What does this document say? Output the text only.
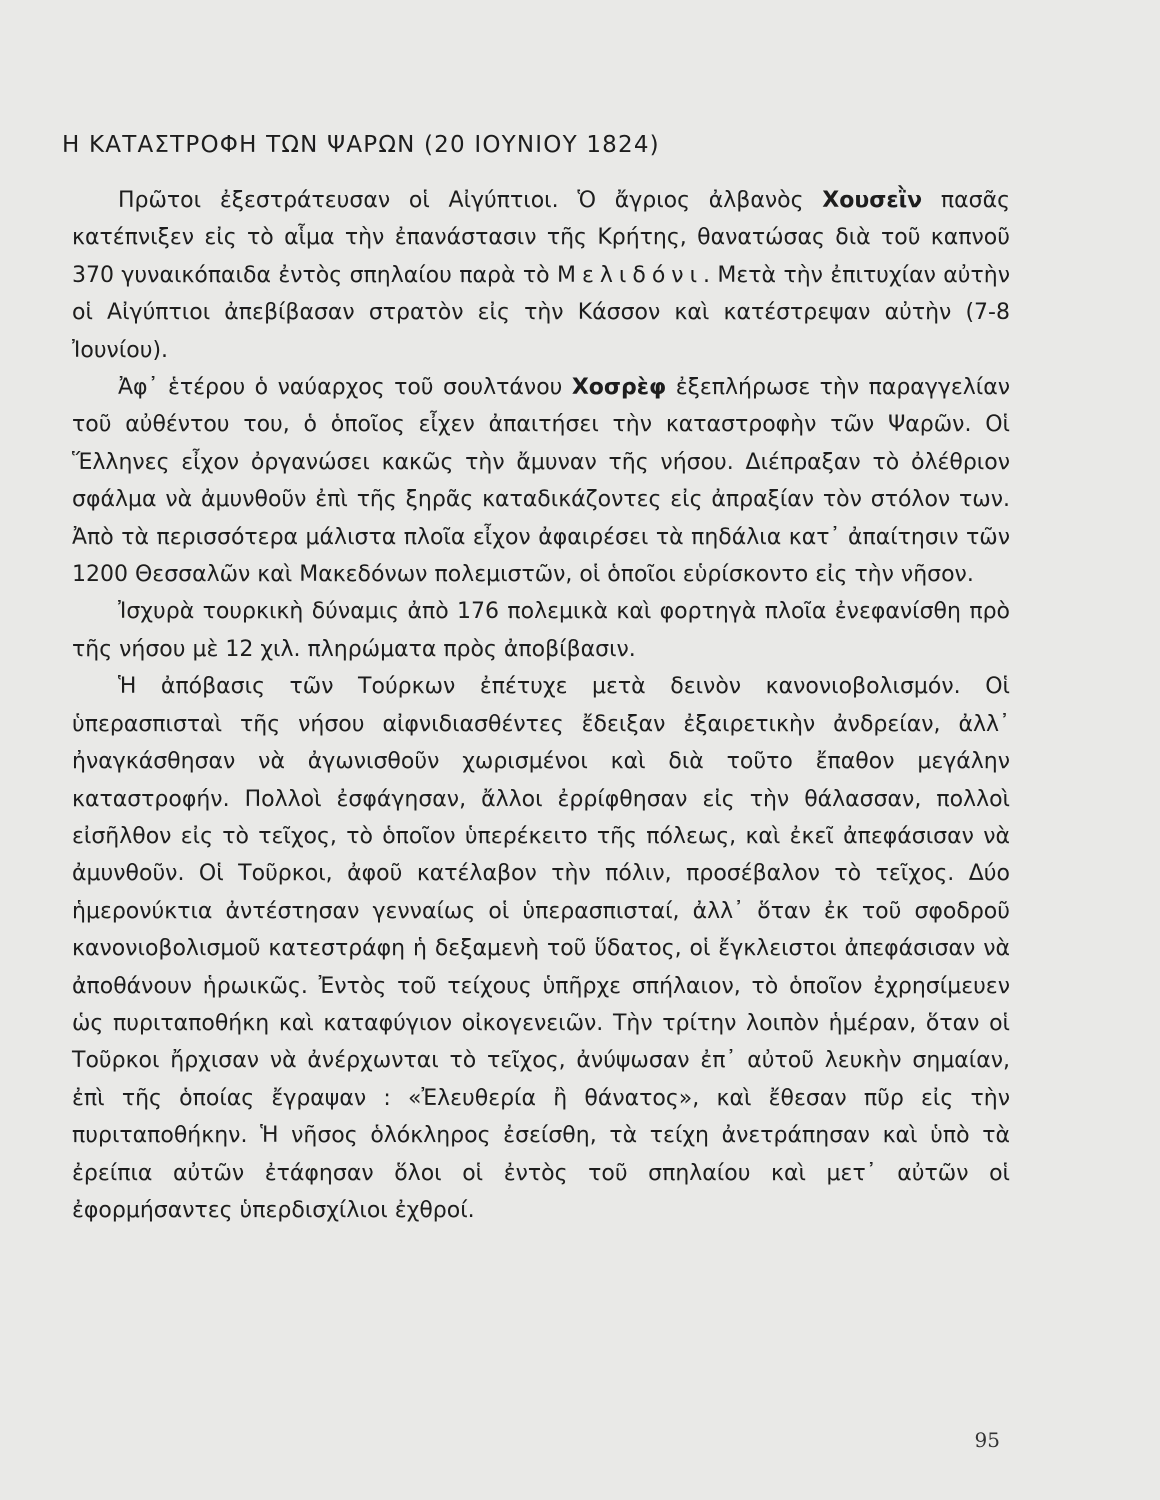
Η ΚΑΤΑΣΤΡΟΦΗ ΤΩΝ ΨΑΡΩΝ (20 ΙΟΥΝΙΟΥ 1824)

Πρῶτοι ἐξεστράτευσαν οἱ Αἰγύπτιοι. Ὁ ἄγριος ἀλβανὸς Χουσεῒν πασᾶς κατέπνιξεν εἰς τὸ αἷμα τὴν ἐπανάστασιν τῆς Κρήτης, θανατώσας διὰ τοῦ καπνοῦ 370 γυναικόπαιδα ἐντὸς σπηλαίου παρὰ τὸ Μελιδόνι. Μετὰ τὴν ἐπιτυχίαν αὐτὴν οἱ Αἰγύπτιοι ἀπεβίβασαν στρατὸν εἰς τὴν Κάσσον καὶ κατέστρεψαν αὐτὴν (7-8 Ἰουνίου).

Ἀφ᾽ ἑτέρου ὁ ναύαρχος τοῦ σουλτάνου Χοσρὲφ ἐξεπλήρωσε τὴν παραγγελίαν τοῦ αὐθέντου του, ὁ ὁποῖος εἶχεν ἀπαιτήσει τὴν καταστροφὴν τῶν Ψαρῶν. Οἱ Ἕλληνες εἶχον ὀργανώσει κακῶς τὴν ἄμυναν τῆς νήσου. Διέπραξαν τὸ ὀλέθριον σφάλμα νὰ ἀμυνθοῦν ἐπὶ τῆς ξηρᾶς καταδικάζοντες εἰς ἀπραξίαν τὸν στόλον των. Ἀπὸ τὰ περισσότερα μάλιστα πλοῖα εἶχον ἀφαιρέσει τὰ πηδάλια κατ᾽ ἀπαίτησιν τῶν 1200 Θεσσαλῶν καὶ Μακεδόνων πολεμιστῶν, οἱ ὁποῖοι εὑρίσκοντο εἰς τὴν νῆσον.

Ἰσχυρὰ τουρκικὴ δύναμις ἀπὸ 176 πολεμικὰ καὶ φορτηγὰ πλοῖα ἐνεφανίσθη πρὸ τῆς νήσου μὲ 12 χιλ. πληρώματα πρὸς ἀποβίβασιν.

Ἡ ἀπόβασις τῶν Τούρκων ἐπέτυχε μετὰ δεινὸν κανονιοβολισμόν. Οἱ ὑπερασπισταὶ τῆς νήσου αἰφνιδιασθέντες ἔδειξαν ἐξαιρετικὴν ἀνδρείαν, ἀλλ᾽ ἠναγκάσθησαν νὰ ἀγωνισθοῦν χωρισμένοι καὶ διὰ τοῦτο ἔπαθον μεγάλην καταστροφήν. Πολλοὶ ἐσφάγησαν, ἄλλοι ἐρρίφθησαν εἰς τὴν θάλασσαν, πολλοὶ εἰσῆλθον εἰς τὸ τεῖχος, τὸ ὁποῖον ὑπερέκειτο τῆς πόλεως, καὶ ἐκεῖ ἀπεφάσισαν νὰ ἀμυνθοῦν. Οἱ Τοῦρκοι, ἀφοῦ κατέλαβον τὴν πόλιν, προσέβαλον τὸ τεῖχος. Δύο ἡμερονύκτια ἀντέστησαν γενναίως οἱ ὑπερασπισταί, ἀλλ᾽ ὅταν ἐκ τοῦ σφοδροῦ κανονιοβολισμοῦ κατεστράφη ἡ δεξαμενὴ τοῦ ὕδατος, οἱ ἔγκλειστοι ἀπεφάσισαν νὰ ἀποθάνουν ἡρωικῶς. Ἐντὸς τοῦ τείχους ὑπῆρχε σπήλαιον, τὸ ὁποῖον ἐχρησίμευεν ὡς πυριταποθήκη καὶ καταφύγιον οἰκογενειῶν. Τὴν τρίτην λοιπὸν ἡμέραν, ὅταν οἱ Τοῦρκοι ἤρχισαν νὰ ἀνέρχωνται τὸ τεῖχος, ἀνύψωσαν ἐπ᾽ αὐτοῦ λευκὴν σημαίαν, ἐπὶ τῆς ὁποίας ἔγραψαν : «Ἐλευθερία ἢ θάνατος», καὶ ἔθεσαν πῦρ εἰς τὴν πυριταποθήκην. Ἡ νῆσος ὁλόκληρος ἐσείσθη, τὰ τείχη ἀνετράπησαν καὶ ὑπὸ τὰ ἐρείπια αὐτῶν ἐτάφησαν ὅλοι οἱ ἐντὸς τοῦ σπηλαίου καὶ μετ᾽ αὐτῶν οἱ ἐφορμήσαντες ὑπερδισχίλιοι ἐχθροί.

95
